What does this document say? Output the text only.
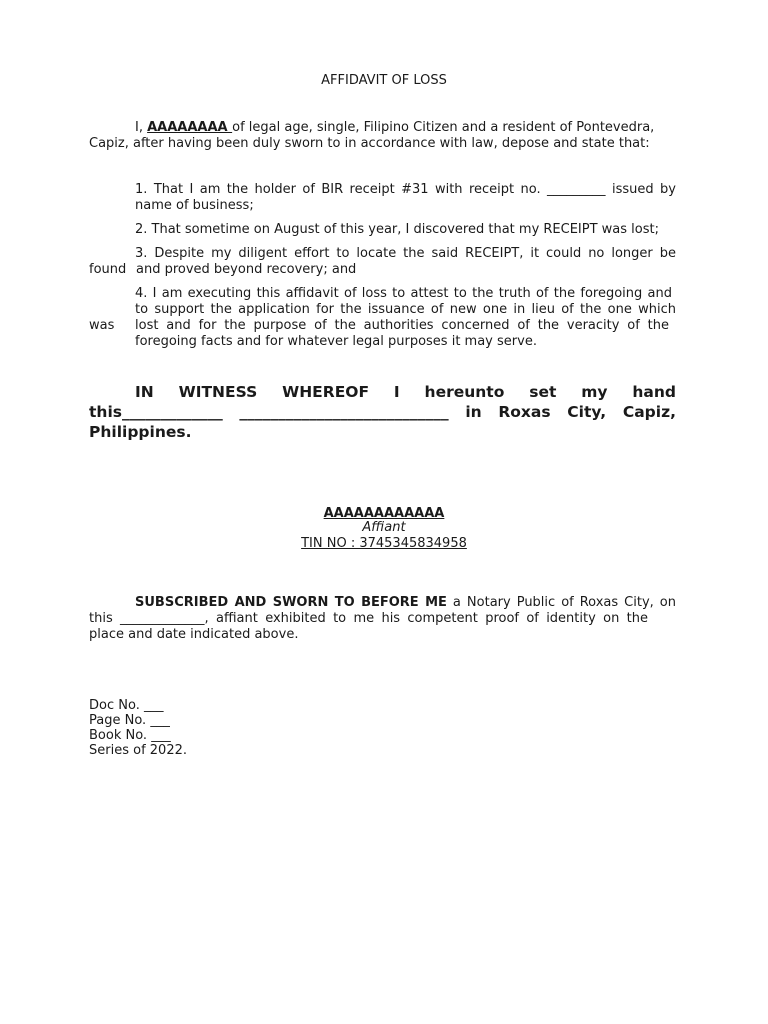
AFFIDAVIT OF LOSS
I, AAAAAAAA of legal age, single, Filipino Citizen and a resident of Pontevedra,
Capiz, after having been duly sworn to in accordance with law, depose and state that:
1. That I am the holder of BIR receipt #31 with receipt no. _________ issued by
name of business;
2. That sometime on August of this year, I discovered that my RECEIPT was lost;
3. Despite my diligent effort to locate the said RECEIPT, it could no longer be
found and proved beyond recovery; and
4. I am executing this affidavit of loss to attest to the truth of the foregoing and
to support the application for the issuance of new one in lieu of the one which
was lost and for the purpose of the authorities concerned of the veracity of the
foregoing facts and for whatever legal purposes it may serve.
IN WITNESS WHEREOF I hereunto set my hand
this_____________ ___________________________ in Roxas City, Capiz,
Philippines.
AAAAAAAAAAAA
Affiant
TIN NO : 3745345834958
SUBSCRIBED AND SWORN TO BEFORE ME a Notary Public of Roxas City, on
this _____________, affiant exhibited to me his competent proof of identity on the
place and date indicated above.
Doc No. ___
Page No. ___
Book No. ___
Series of 2022.
